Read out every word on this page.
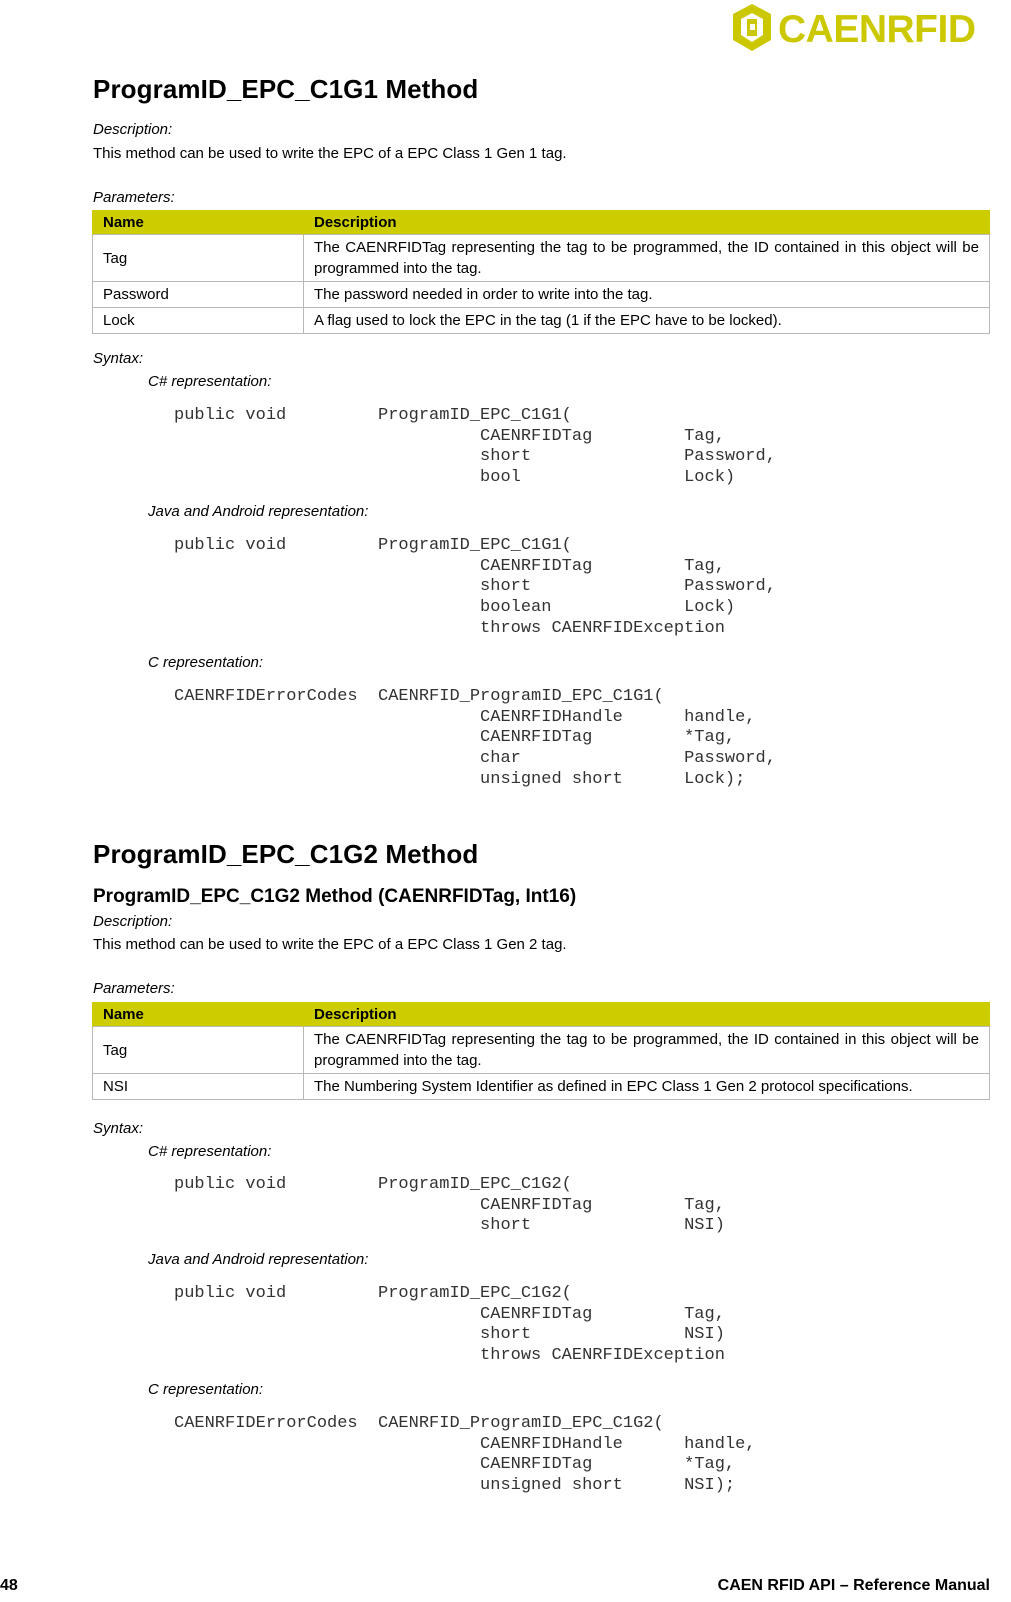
CAENRFID
ProgramID_EPC_C1G1 Method
Description:
This method can be used to write the EPC of a EPC Class 1 Gen 1 tag.
Parameters:
Name	Description
Tag	The CAENRFIDTag representing the tag to be programmed, the ID contained in this object will be programmed into the tag.
Password	The password needed in order to write into the tag.
Lock	A flag used to lock the EPC in the tag (1 if the EPC have to be locked).
Syntax:
C# representation:
public void         ProgramID_EPC_C1G1(
CAENRFIDTag         Tag,
short               Password,
bool                Lock)
Java and Android representation:
public void         ProgramID_EPC_C1G1(
CAENRFIDTag         Tag,
short               Password,
boolean             Lock)
throws CAENRFIDException
C representation:
CAENRFIDErrorCodes  CAENRFID_ProgramID_EPC_C1G1(
CAENRFIDHandle      handle,
CAENRFIDTag         *Tag,
char                Password,
unsigned short      Lock);
ProgramID_EPC_C1G2 Method
ProgramID_EPC_C1G2 Method (CAENRFIDTag, Int16)
Description:
This method can be used to write the EPC of a EPC Class 1 Gen 2 tag.
Parameters:
Name	Description
Tag	The CAENRFIDTag representing the tag to be programmed, the ID contained in this object will be programmed into the tag.
NSI	The Numbering System Identifier as defined in EPC Class 1 Gen 2 protocol specifications.
Syntax:
C# representation:
public void         ProgramID_EPC_C1G2(
CAENRFIDTag         Tag,
short               NSI)
Java and Android representation:
public void         ProgramID_EPC_C1G2(
CAENRFIDTag         Tag,
short               NSI)
throws CAENRFIDException
C representation:
CAENRFIDErrorCodes  CAENRFID_ProgramID_EPC_C1G2(
CAENRFIDHandle      handle,
CAENRFIDTag         *Tag,
unsigned short      NSI);
48	CAEN RFID API – Reference Manual
